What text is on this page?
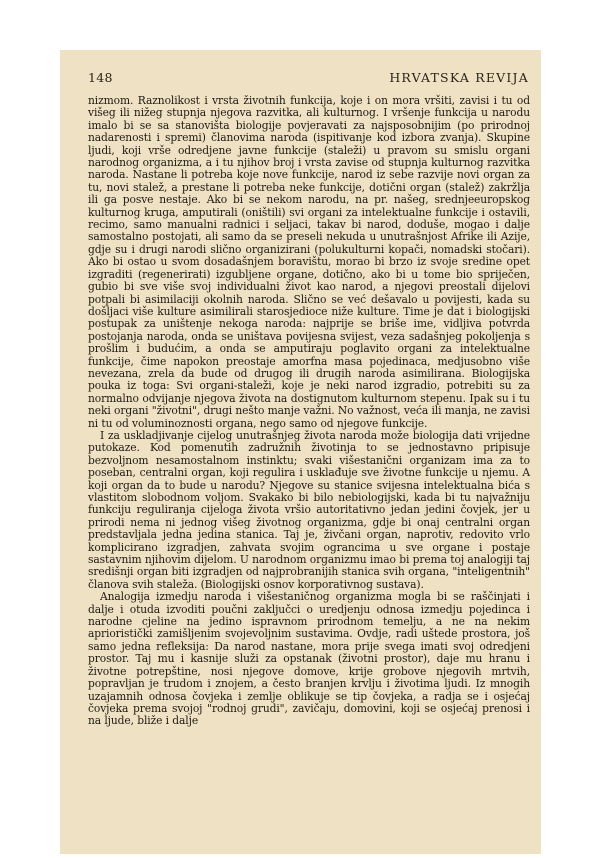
148	HRVATSKA REVIJA

nizmom. Raznolikost i vrsta životnih funkcija, koje i on mora vršiti, zavisi i tu od višeg ili nižeg stupnja njegova razvitka, ali kulturnog. I vršenje funkcija u narodu imalo bi se sa stanovišta biologije povjeravati za najsposobnijim (po prirodnoj nadarenosti i spremi) članovima naroda (ispitivanje kod izbora zvanja). Skupine ljudi, koji vrše odredjene javne funkcije (staleži) u pravom su smislu organi narodnog organizma, a i tu njihov broj i vrsta zavise od stupnja kulturnog razvitka naroda. Nastane li potreba koje nove funkcije, narod iz sebe razvije novi organ za tu, novi stalež, a prestane li potreba neke funkcije, dotični organ (stalež) zakržlja ili ga posve nestaje. Ako bi se nekom narodu, na pr. našeg, srednjeeuropskog kulturnog kruga, amputirali (oništili) svi organi za intelektualne funkcije i ostavili, recimo, samo manualni radnici i seljaci, takav bi narod, doduše, mogao i dalje samostalno postojati, ali samo da se preseli nekuda u unutrašnjost Afrike ili Azije, gdje su i drugi narodi slično organizirani (polukulturni kopači, nomadski stočari). Ako bi ostao u svom dosadašnjem boravištu, morao bi brzo iz svoje sredine opet izgraditi (regenerirati) izgubljene organe, dotično, ako bi u tome bio spriječen, gubio bi sve više svoj individualni život kao narod, a njegovi preostali dijelovi potpali bi asimilaciji okolnih naroda. Slično se već dešavalo u povijesti, kada su došljaci više kulture asimilirali starosjedioce niže kulture. Time je dat i biologijski postupak za uništenje nekoga naroda: najprije se briše ime, vidljiva potvrda postojanja naroda, onda se uništava povijesna svijest, veza sadašnjeg pokoljenja s prošlim i budućim, a onda se amputiraju poglavito organi za intelektualne funkcije, čime napokon preostaje amorfna masa pojedinaca, medjusobno više nevezana, zrela da bude od drugog ili drugih naroda asimilirana. Biologijska pouka iz toga: Svi organi-staleži, koje je neki narod izgradio, potrebiti su za normalno odvijanje njegova života na dostignutom kulturnom stepenu. Ipak su i tu neki organi "životni", drugi nešto manje važni. No važnost, veća ili manja, ne zavisi ni tu od voluminoznosti organa, nego samo od njegove funkcije.

I za uskladjivanje cijelog unutrašnjeg života naroda može biologija dati vrijedne putokaze. Kod pomenutih zadružnih životinja to se jednostavno pripisuje bezvoljnom nesamostalnom instinktu; svaki višestanični organizam ima za to poseban, centralni organ, koji regulira i usklađuje sve životne funkcije u njemu. A koji organ da to bude u narodu? Njegove su stanice svijesna intelektualna bića s vlastitom slobodnom voljom. Svakako bi bilo nebiologijski, kada bi tu najvažniju funkciju reguliranja cijeloga života vršio autoritativno jedan jedini čovjek, jer u prirodi nema ni jednog višeg životnog organizma, gdje bi onaj centralni organ predstavljala jedna jedina stanica. Taj je, živčani organ, naprotiv, redovito vrlo komplicirano izgradjen, zahvata svojim ograncima u sve organe i postaje sastavnim njihovim dijelom. U narodnom organizmu imao bi prema toj analogiji taj središnji organ biti izgradjen od najprobranijih stanica svih organa, "inteligentnih" članova svih staleža. (Biologijski osnov korporativnog sustava).

Analogija izmedju naroda i višestaničnog organizma mogla bi se raščinjati i dalje i otuda izvoditi poučni zaključci o uredjenju odnosa izmedju pojedinca i narodne cjeline na jedino ispravnom prirodnom temelju, a ne na nekim aprioristički zamišljenim svojevoljnim sustavima. Ovdje, radi uštede prostora, još samo jedna refleksija: Da narod nastane, mora prije svega imati svoj odredjeni prostor. Taj mu i kasnije služi za opstanak (životni prostor), daje mu hranu i životne potrepštine, nosi njegove domove, krije grobove njegovih mrtvih, popravljan je trudom i znojem, a često branjen krvlju i životima ljudi. Iz mnogih uzajamnih odnosa čovjeka i zemlje oblikuje se tip čovjeka, a radja se i osjećaj čovjeka prema svojoj "rodnoj grudi", zavičaju, domovini, koji se osjećaj prenosi i na ljude, bliže i dalje
